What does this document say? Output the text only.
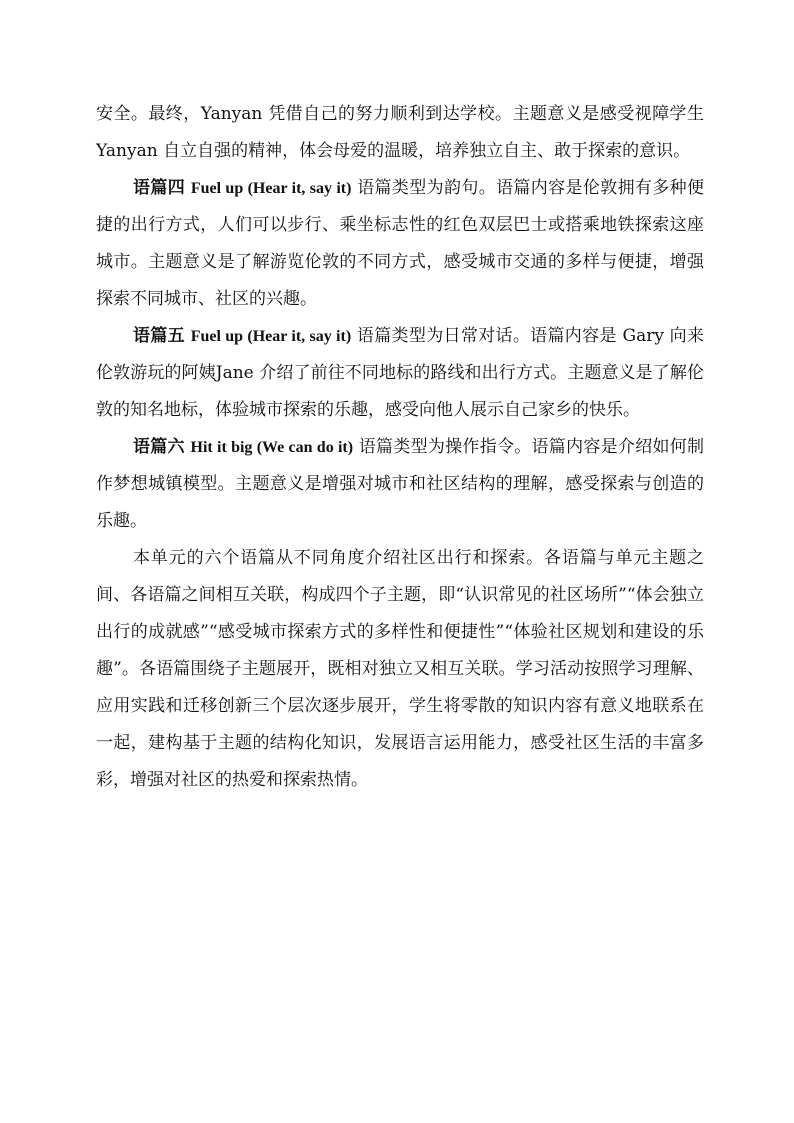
安全。最终，Yanyan 凭借自己的努力顺利到达学校。主题意义是感受视障学生 Yanyan 自立自强的精神，体会母爱的温暖，培养独立自主、敢于探索的意识。

语篇四 Fuel up (Hear it, say it) 语篇类型为韵句。语篇内容是伦敦拥有多种便捷的出行方式，人们可以步行、乘坐标志性的红色双层巴士或搭乘地铁探索这座城市。主题意义是了解游览伦敦的不同方式，感受城市交通的多样与便捷，增强探索不同城市、社区的兴趣。

语篇五 Fuel up (Hear it, say it) 语篇类型为日常对话。语篇内容是 Gary 向来伦敦游玩的阿姨Jane 介绍了前往不同地标的路线和出行方式。主题意义是了解伦敦的知名地标，体验城市探索的乐趣，感受向他人展示自己家乡的快乐。

语篇六 Hit it big (We can do it) 语篇类型为操作指令。语篇内容是介绍如何制作梦想城镇模型。主题意义是增强对城市和社区结构的理解，感受探索与创造的乐趣。

本单元的六个语篇从不同角度介绍社区出行和探索。各语篇与单元主题之间、各语篇之间相互关联，构成四个子主题，即“认识常见的社区场所”“体会独立出行的成就感”“感受城市探索方式的多样性和便捷性”“体验社区规划和建设的乐趣”。各语篇围绕子主题展开，既相对独立又相互关联。学习活动按照学习理解、应用实践和迁移创新三个层次逐步展开，学生将零散的知识内容有意义地联系在一起，建构基于主题的结构化知识，发展语言运用能力，感受社区生活的丰富多彩，增强对社区的热爱和探索热情。
